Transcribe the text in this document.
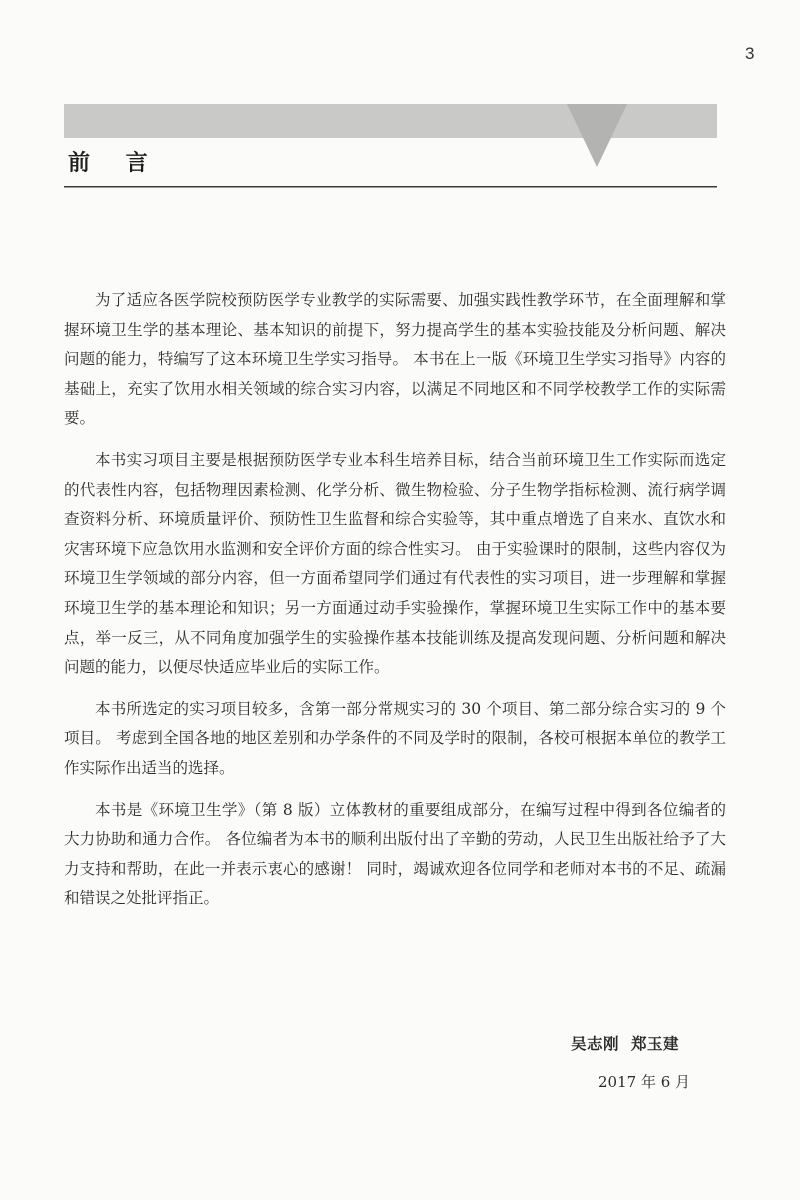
3
前 言

为了适应各医学院校预防医学专业教学的实际需要、加强实践性教学环节，在全面理解和掌握环境卫生学的基本理论、基本知识的前提下，努力提高学生的基本实验技能及分析问题、解决问题的能力，特编写了这本环境卫生学实习指导。 本书在上一版《环境卫生学实习指导》内容的基础上，充实了饮用水相关领域的综合实习内容，以满足不同地区和不同学校教学工作的实际需要。

本书实习项目主要是根据预防医学专业本科生培养目标，结合当前环境卫生工作实际而选定的代表性内容，包括物理因素检测、化学分析、微生物检验、分子生物学指标检测、流行病学调查资料分析、环境质量评价、预防性卫生监督和综合实验等，其中重点增选了自来水、直饮水和灾害环境下应急饮用水监测和安全评价方面的综合性实习。 由于实验课时的限制，这些内容仅为环境卫生学领域的部分内容，但一方面希望同学们通过有代表性的实习项目，进一步理解和掌握环境卫生学的基本理论和知识；另一方面通过动手实验操作，掌握环境卫生实际工作中的基本要点，举一反三，从不同角度加强学生的实验操作基本技能训练及提高发现问题、分析问题和解决问题的能力，以便尽快适应毕业后的实际工作。

本书所选定的实习项目较多，含第一部分常规实习的 30 个项目、第二部分综合实习的 9 个项目。 考虑到全国各地的地区差别和办学条件的不同及学时的限制，各校可根据本单位的教学工作实际作出适当的选择。

本书是《环境卫生学》（第 8 版）立体教材的重要组成部分，在编写过程中得到各位编者的大力协助和通力合作。 各位编者为本书的顺利出版付出了辛勤的劳动，人民卫生出版社给予了大力支持和帮助，在此一并表示衷心的感谢！ 同时，竭诚欢迎各位同学和老师对本书的不足、疏漏和错误之处批评指正。

吴志刚 郑玉建
2017 年 6 月
